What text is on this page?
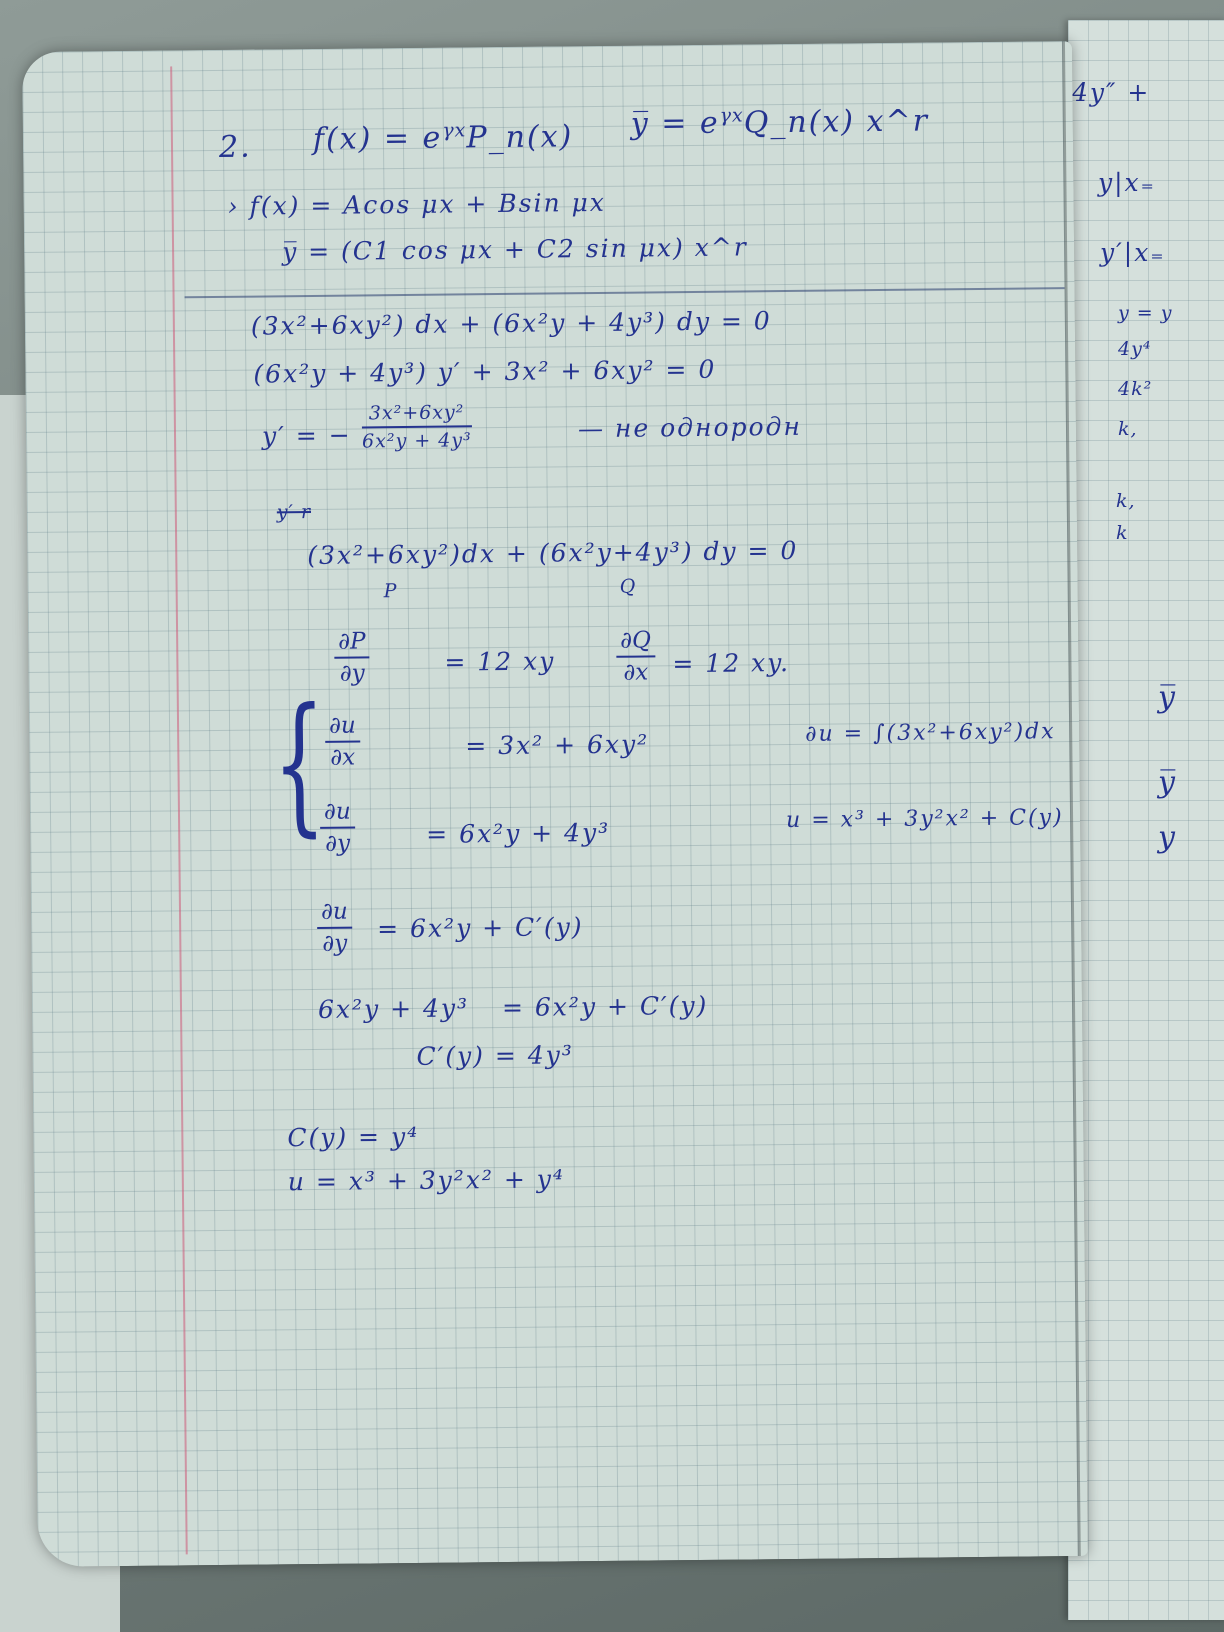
4y″ +
y|x₌
y′|x₌
y = y
4y⁴
4k²
k,
k,
k
y̅
y̅
y
2. $f(x) = e^{\gamma x}P\_n(x)$ y̅ = $e^{\gamma x}Q\_n(x)$ x^r
› f(x) = Acos μx + Bsin μx
y̅ = (C1 cos μx + C2 sin μx) x^r
(3x²+6xy²) dx + (6x²y + 4y³) dy = 0
(6x²y + 4y³) y′ + 3x² + 6xy² = 0
y′ = − $\frac{\text{3x²+6xy²}}{\text{6x²y + 4y³}}$	— не однородн
y′ r
(3x²+6xy²)dx + (6x²y+4y³) dy = 0
P	Q
$\frac{\partial P}{\partial y}$	= 12 xy	$\frac{\partial Q}{\partial x} = 12$ xy.
{
$\frac{\partial u}{\partial x}$	= 3x² + 6xy²	∂u = ∫(3x²+6xy²)dx
$\frac{\partial u}{\partial y}$	= 6x²y + 4y³	u = x³ + 3y²x² + C(y)
$\frac{\partial u}{\partial y} = 6x^2y + C'(y)$
6x²y + 4y³ = 6x²y + C′(y)
C′(y) = 4y³
C(y) = y⁴
u = x³ + 3y²x² + y⁴
